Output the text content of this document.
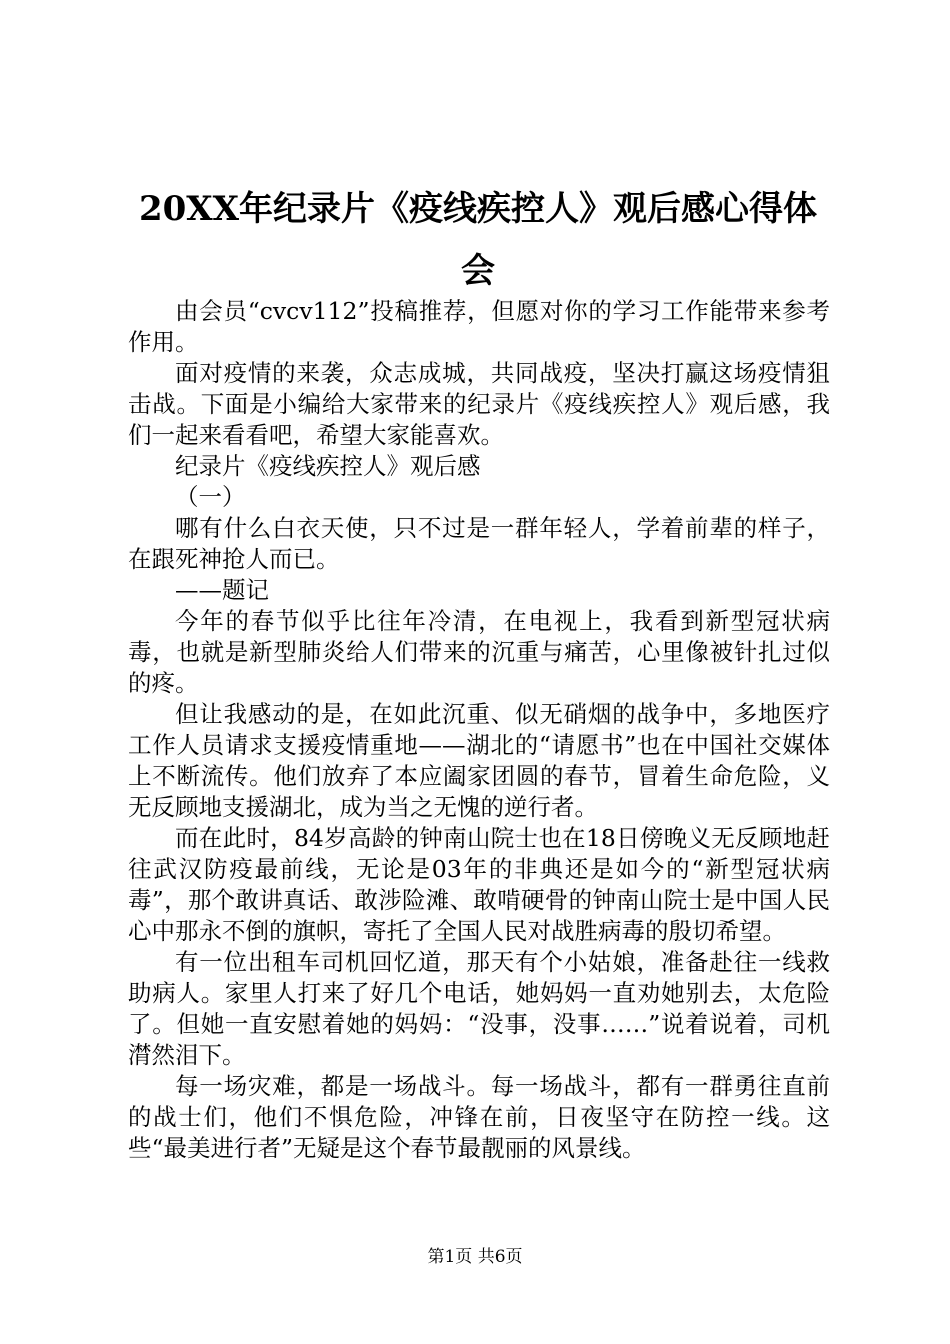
20XX年纪录片《疫线疾控人》观后感心得体会

由会员“cvcv112”投稿推荐，但愿对你的学习工作能带来参考作用。

面对疫情的来袭，众志成城，共同战疫，坚决打赢这场疫情狙击战。下面是小编给大家带来的纪录片《疫线疾控人》观后感，我们一起来看看吧，希望大家能喜欢。

纪录片《疫线疾控人》观后感

（一）

哪有什么白衣天使，只不过是一群年轻人，学着前辈的样子，在跟死神抢人而已。

——题记

今年的春节似乎比往年冷清，在电视上，我看到新型冠状病毒，也就是新型肺炎给人们带来的沉重与痛苦，心里像被针扎过似的疼。

但让我感动的是，在如此沉重、似无硝烟的战争中，多地医疗工作人员请求支援疫情重地——湖北的“请愿书”也在中国社交媒体上不断流传。他们放弃了本应阖家团圆的春节，冒着生命危险，义无反顾地支援湖北，成为当之无愧的逆行者。

而在此时，84岁高龄的钟南山院士也在18日傍晚义无反顾地赶往武汉防疫最前线，无论是03年的非典还是如今的“新型冠状病毒”，那个敢讲真话、敢涉险滩、敢啃硬骨的钟南山院士是中国人民心中那永不倒的旗帜，寄托了全国人民对战胜病毒的殷切希望。

有一位出租车司机回忆道，那天有个小姑娘，准备赴往一线救助病人。家里人打来了好几个电话，她妈妈一直劝她别去，太危险了。但她一直安慰着她的妈妈：“没事，没事……”说着说着，司机潸然泪下。

每一场灾难，都是一场战斗。每一场战斗，都有一群勇往直前的战士们，他们不惧危险，冲锋在前，日夜坚守在防控一线。这些“最美进行者”无疑是这个春节最靓丽的风景线。

第1页 共6页
